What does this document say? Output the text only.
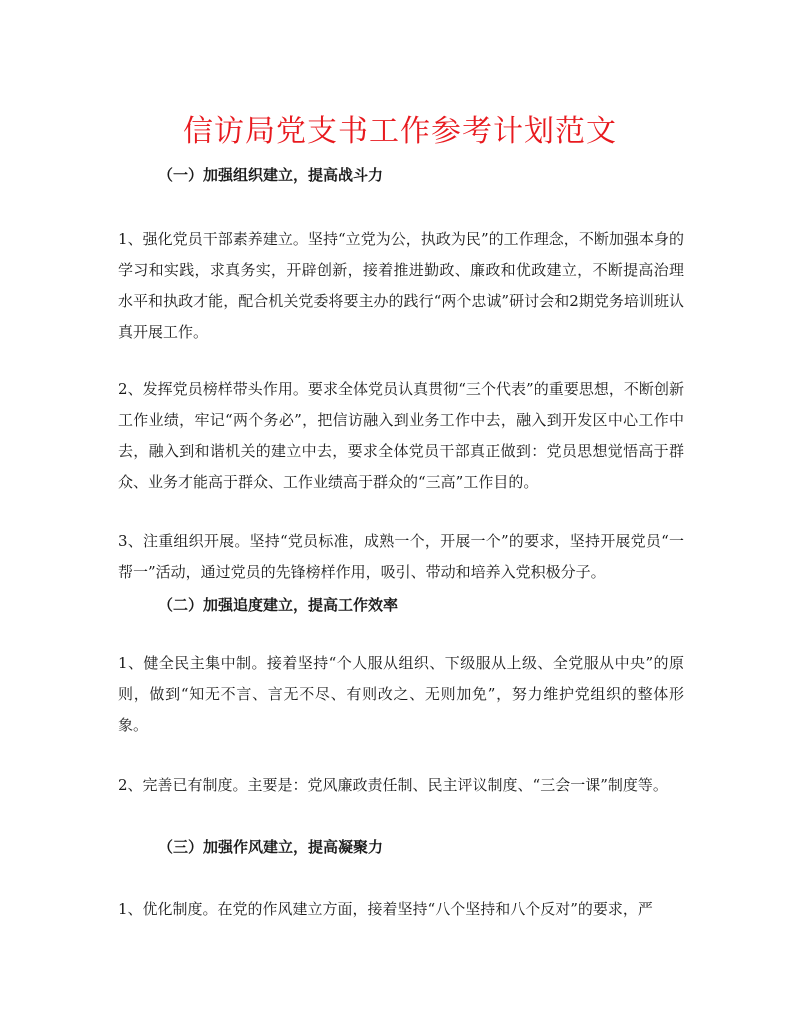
信访局党支书工作参考计划范文
（一）加强组织建立，提高战斗力

1、强化党员干部素养建立。坚持“立党为公，执政为民”的工作理念，不断加强本身的学习和实践，求真务实，开辟创新，接着推进勤政、廉政和优政建立，不断提高治理水平和执政才能，配合机关党委将要主办的践行“两个忠诚”研讨会和2期党务培训班认真开展工作。

2、发挥党员榜样带头作用。要求全体党员认真贯彻“三个代表”的重要思想，不断创新工作业绩，牢记“两个务必”，把信访融入到业务工作中去，融入到开发区中心工作中去，融入到和谐机关的建立中去，要求全体党员干部真正做到：党员思想觉悟高于群众、业务才能高于群众、工作业绩高于群众的“三高”工作目的。

3、注重组织开展。坚持“党员标准，成熟一个，开展一个”的要求，坚持开展党员“一帮一”活动，通过党员的先锋榜样作用，吸引、带动和培养入党积极分子。

（二）加强追度建立，提高工作效率

1、健全民主集中制。接着坚持“个人服从组织、下级服从上级、全党服从中央”的原则，做到“知无不言、言无不尽、有则改之、无则加免”，努力维护党组织的整体形象。

2、完善已有制度。主要是：党风廉政责任制、民主评议制度、“三会一课”制度等。

（三）加强作风建立，提高凝聚力

1、优化制度。在党的作风建立方面，接着坚持“八个坚持和八个反对”的要求，严
